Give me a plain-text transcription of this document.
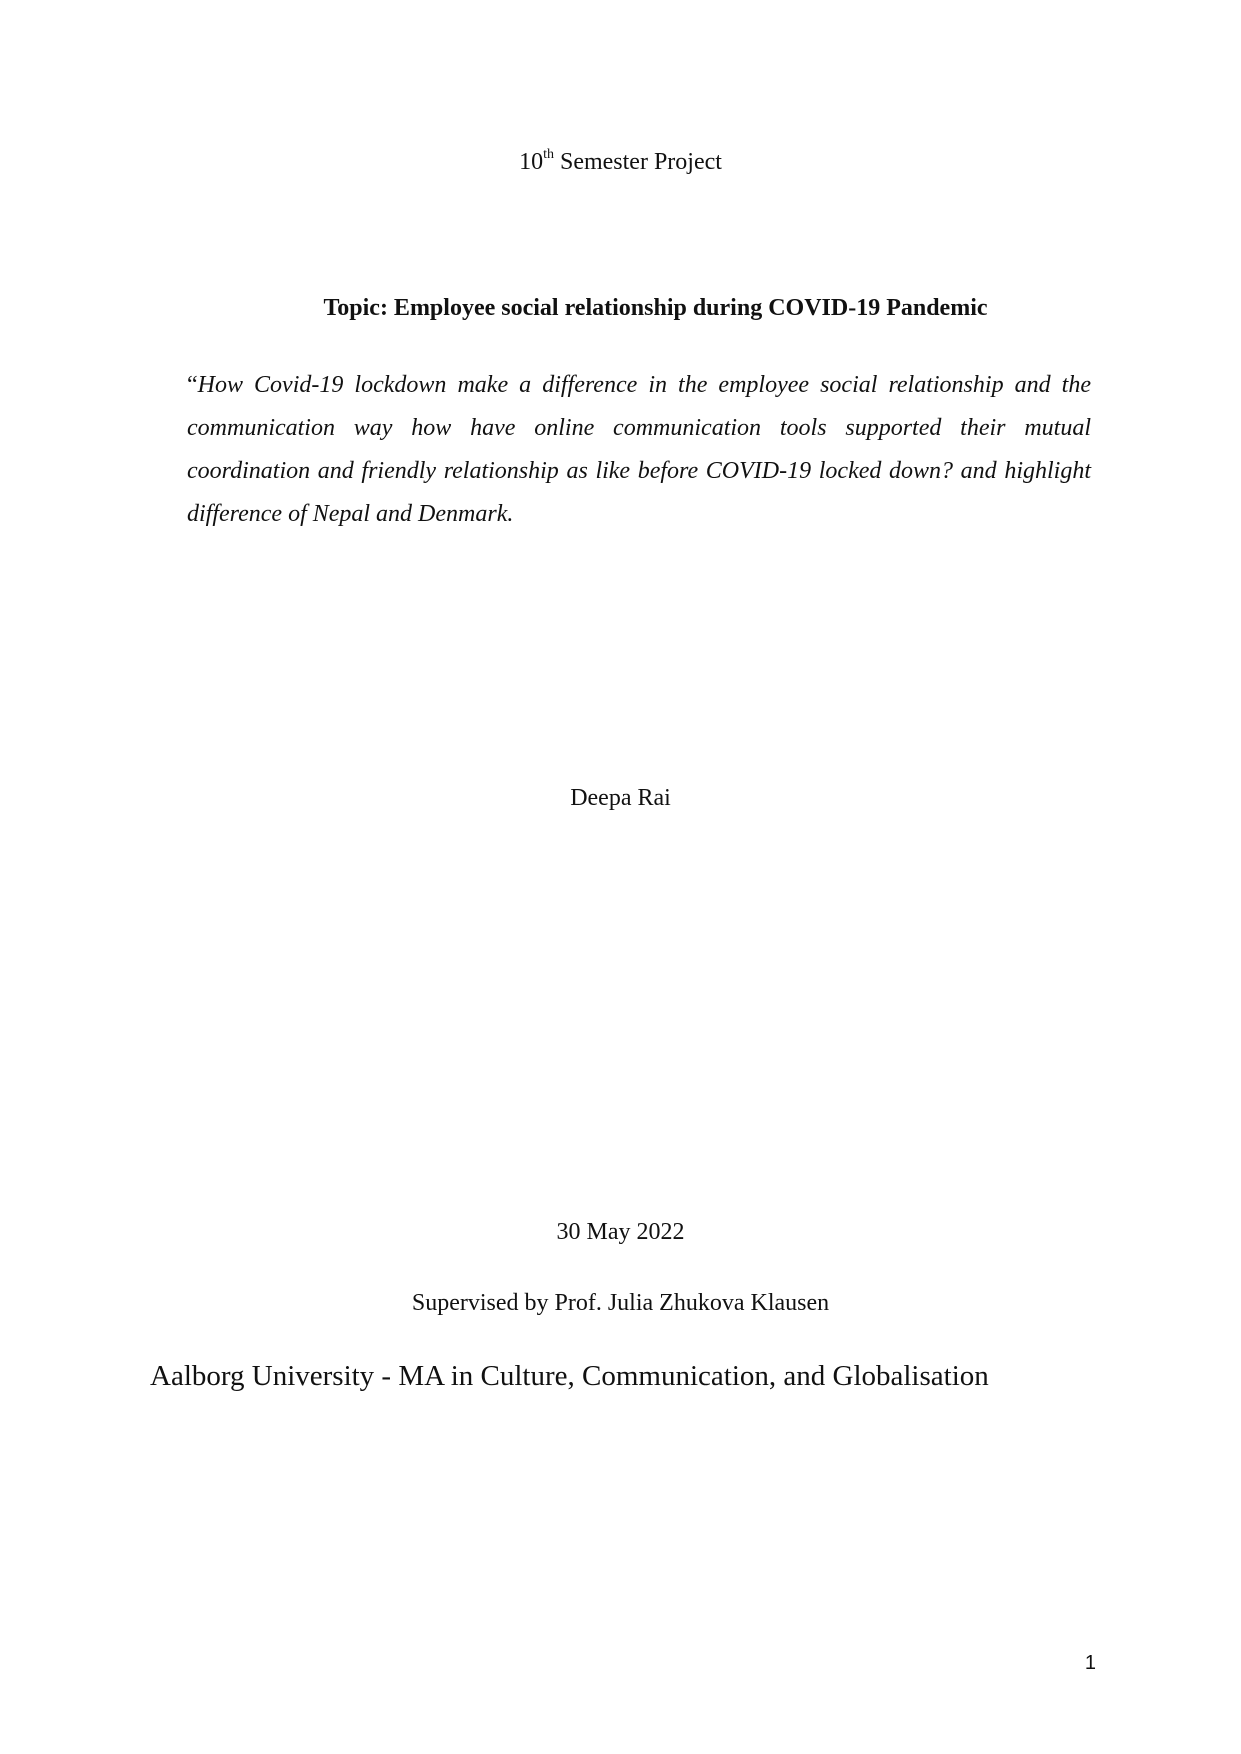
10th Semester Project

Topic: Employee social relationship during COVID-19 Pandemic

“How Covid-19 lockdown make a difference in the employee social relationship and the communication way how have online communication tools supported their mutual coordination and friendly relationship as like before COVID-19 locked down? and highlight difference of Nepal and Denmark.

Deepa Rai

30 May 2022

Supervised by Prof. Julia Zhukova Klausen

Aalborg University - MA in Culture, Communication, and Globalisation

1
